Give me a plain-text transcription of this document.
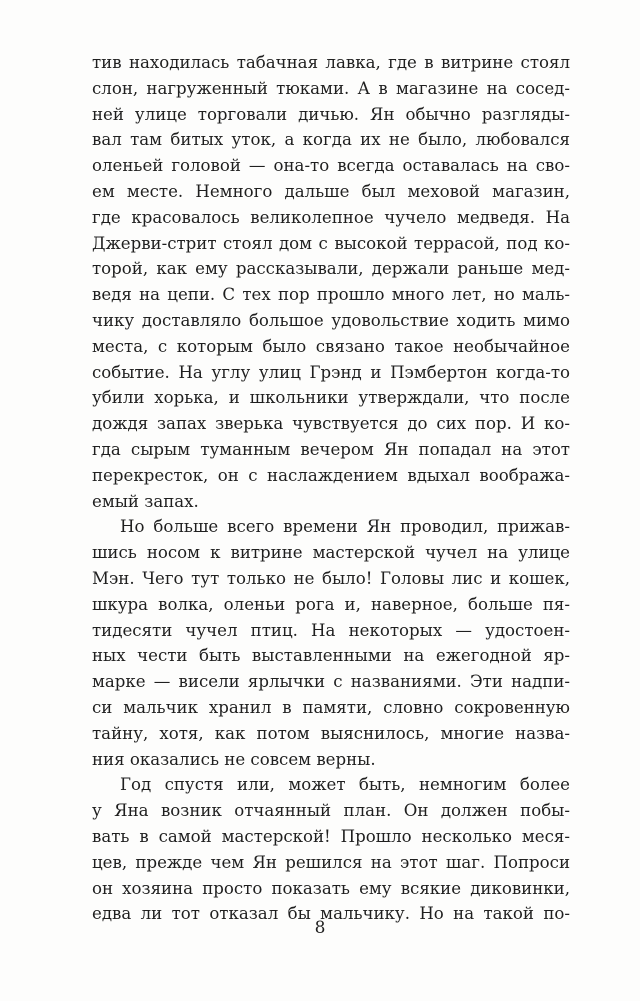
тив находилась табачная лавка, где в витрине стоял
слон, нагруженный тюками. А в магазине на сосед-
ней улице торговали дичью. Ян обычно разгляды-
вал там битых уток, а когда их не было, любовался
оленьей головой — она-то всегда оставалась на сво-
ем месте. Немного дальше был меховой магазин,
где красовалось великолепное чучело медведя. На
Джерви-стрит стоял дом с высокой террасой, под ко-
торой, как ему рассказывали, держали раньше мед-
ведя на цепи. С тех пор прошло много лет, но маль-
чику доставляло большое удовольствие ходить мимо
места, с которым было связано такое необычайное
событие. На углу улиц Грэнд и Пэмбертон когда-то
убили хорька, и школьники утверждали, что после
дождя запах зверька чувствуется до сих пор. И ко-
гда сырым туманным вечером Ян попадал на этот
перекресток, он с наслаждением вдыхал вообража-
емый запах.
Но больше всего времени Ян проводил, прижав-
шись носом к витрине мастерской чучел на улице
Мэн. Чего тут только не было! Головы лис и кошек,
шкура волка, оленьи рога и, наверное, больше пя-
тидесяти чучел птиц. На некоторых — удостоен-
ных чести быть выставленными на ежегодной яр-
марке — висели ярлычки с названиями. Эти надпи-
си мальчик хранил в памяти, словно сокровенную
тайну, хотя, как потом выяснилось, многие назва-
ния оказались не совсем верны.
Год спустя или, может быть, немногим более
у Яна возник отчаянный план. Он должен побы-
вать в самой мастерской! Прошло несколько меся-
цев, прежде чем Ян решился на этот шаг. Попроси
он хозяина просто показать ему всякие диковинки,
едва ли тот отказал бы мальчику. Но на такой по-
8
